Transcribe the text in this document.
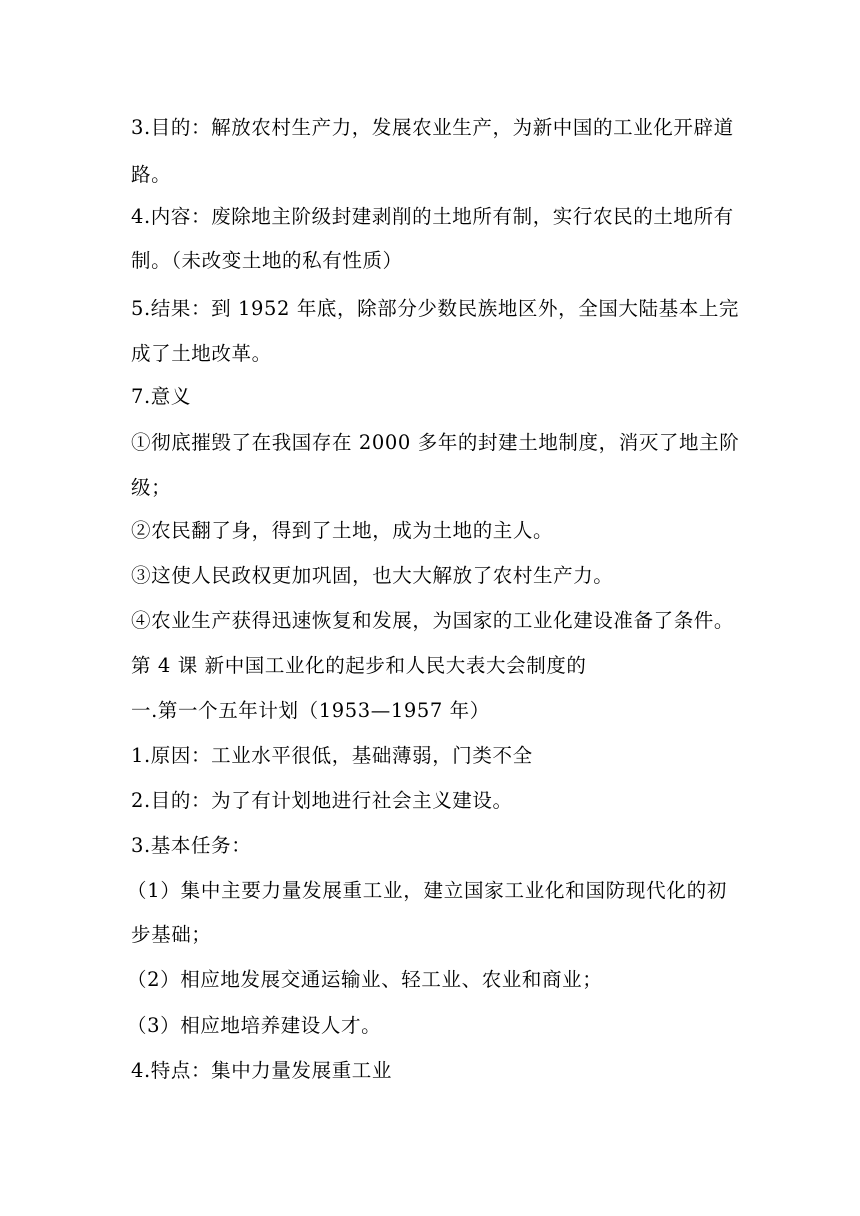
3.目的：解放农村生产力，发展农业生产，为新中国的工业化开辟道
路。
4.内容：废除地主阶级封建剥削的土地所有制，实行农民的土地所有
制。（未改变土地的私有性质）
5.结果：到 1952 年底，除部分少数民族地区外，全国大陆基本上完
成了土地改革。
7.意义
①彻底摧毁了在我国存在 2000 多年的封建土地制度，消灭了地主阶
级；
②农民翻了身，得到了土地，成为土地的主人。
③这使人民政权更加巩固，也大大解放了农村生产力。
④农业生产获得迅速恢复和发展，为国家的工业化建设准备了条件。
第 4 课 新中国工业化的起步和人民大表大会制度的
一.第一个五年计划（1953—1957 年）
1.原因：工业水平很低，基础薄弱，门类不全
2.目的：为了有计划地进行社会主义建设。
3.基本任务：
（1）集中主要力量发展重工业，建立国家工业化和国防现代化的初
步基础；
（2）相应地发展交通运输业、轻工业、农业和商业；
（3）相应地培养建设人才。
4.特点：集中力量发展重工业
